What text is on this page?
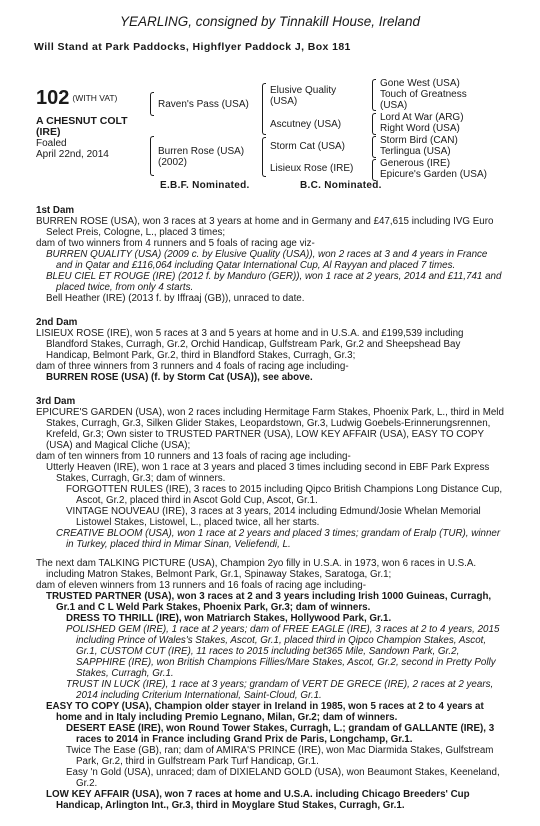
YEARLING, consigned by Tinnakill House, Ireland
Will Stand at Park Paddocks, Highflyer Paddock J, Box 181
102 (WITH VAT)
A CHESNUT COLT
(IRE)
Foaled
April 22nd, 2014
Raven's Pass (USA)
Elusive Quality (USA)
Ascutney (USA)
Gone West (USA)
Touch of Greatness (USA)
Lord At War (ARG)
Right Word (USA)
Burren Rose (USA) (2002)
Storm Cat (USA)
Lisieux Rose (IRE)
Storm Bird (CAN)
Terlingua (USA)
Generous (IRE)
Epicure's Garden (USA)
E.B.F. Nominated.	B.C. Nominated.

1st Dam

BURREN ROSE (USA), won 3 races at 3 years at home and in Germany and £47,615 including IVG Euro Select Preis, Cologne, L., placed 3 times;

dam of two winners from 4 runners and 5 foals of racing age viz-

BURREN QUALITY (USA) (2009 c. by Elusive Quality (USA)), won 2 races at 3 and 4 years in France and in Qatar and £116,064 including Qatar International Cup, Al Rayyan and placed 7 times.

BLEU CIEL ET ROUGE (IRE) (2012 f. by Manduro (GER)), won 1 race at 2 years, 2014 and £11,741 and placed twice, from only 4 starts.

Bell Heather (IRE) (2013 f. by Iffraaj (GB)), unraced to date.

2nd Dam

LISIEUX ROSE (IRE), won 5 races at 3 and 5 years at home and in U.S.A. and £199,539 including Blandford Stakes, Curragh, Gr.2, Orchid Handicap, Gulfstream Park, Gr.2 and Sheepshead Bay Handicap, Belmont Park, Gr.2, third in Blandford Stakes, Curragh, Gr.3;

dam of three winners from 3 runners and 4 foals of racing age including-

BURREN ROSE (USA) (f. by Storm Cat (USA)), see above.

3rd Dam

EPICURE'S GARDEN (USA), won 2 races including Hermitage Farm Stakes, Phoenix Park, L., third in Meld Stakes, Curragh, Gr.3, Silken Glider Stakes, Leopardstown, Gr.3, Ludwig Goebels-Erinnerungsrennen, Krefeld, Gr.3; Own sister to TRUSTED PARTNER (USA), LOW KEY AFFAIR (USA), EASY TO COPY (USA) and Magical Cliche (USA);

dam of ten winners from 10 runners and 13 foals of racing age including-

Utterly Heaven (IRE), won 1 race at 3 years and placed 3 times including second in EBF Park Express Stakes, Curragh, Gr.3; dam of winners.

FORGOTTEN RULES (IRE), 3 races to 2015 including Qipco British Champions Long Distance Cup, Ascot, Gr.2, placed third in Ascot Gold Cup, Ascot, Gr.1.

VINTAGE NOUVEAU (IRE), 3 races at 3 years, 2014 including Edmund/Josie Whelan Memorial Listowel Stakes, Listowel, L., placed twice, all her starts.

CREATIVE BLOOM (USA), won 1 race at 2 years and placed 3 times; grandam of Eralp (TUR), winner in Turkey, placed third in Mimar Sinan, Veliefendi, L.

The next dam TALKING PICTURE (USA), Champion 2yo filly in U.S.A. in 1973, won 6 races in U.S.A. including Matron Stakes, Belmont Park, Gr.1, Spinaway Stakes, Saratoga, Gr.1;

dam of eleven winners from 13 runners and 16 foals of racing age including-

TRUSTED PARTNER (USA), won 3 races at 2 and 3 years including Irish 1000 Guineas, Curragh, Gr.1 and C L Weld Park Stakes, Phoenix Park, Gr.3; dam of winners.

DRESS TO THRILL (IRE), won Matriarch Stakes, Hollywood Park, Gr.1.

POLISHED GEM (IRE), 1 race at 2 years; dam of FREE EAGLE (IRE), 3 races at 2 to 4 years, 2015 including Prince of Wales's Stakes, Ascot, Gr.1, placed third in Qipco Champion Stakes, Ascot, Gr.1, CUSTOM CUT (IRE), 11 races to 2015 including bet365 Mile, Sandown Park, Gr.2, SAPPHIRE (IRE), won British Champions Fillies/Mare Stakes, Ascot, Gr.2, second in Pretty Polly Stakes, Curragh, Gr.1.

TRUST IN LUCK (IRE), 1 race at 3 years; grandam of VERT DE GRECE (IRE), 2 races at 2 years, 2014 including Criterium International, Saint-Cloud, Gr.1.

EASY TO COPY (USA), Champion older stayer in Ireland in 1985, won 5 races at 2 to 4 years at home and in Italy including Premio Legnano, Milan, Gr.2; dam of winners.

DESERT EASE (IRE), won Round Tower Stakes, Curragh, L.; grandam of GALLANTE (IRE), 3 races to 2014 in France including Grand Prix de Paris, Longchamp, Gr.1.

Twice The Ease (GB), ran; dam of AMIRA'S PRINCE (IRE), won Mac Diarmida Stakes, Gulfstream Park, Gr.2, third in Gulfstream Park Turf Handicap, Gr.1.

Easy 'n Gold (USA), unraced; dam of DIXIELAND GOLD (USA), won Beaumont Stakes, Keeneland, Gr.2.

LOW KEY AFFAIR (USA), won 7 races at home and U.S.A. including Chicago Breeders' Cup Handicap, Arlington Int., Gr.3, third in Moyglare Stud Stakes, Curragh, Gr.1.
